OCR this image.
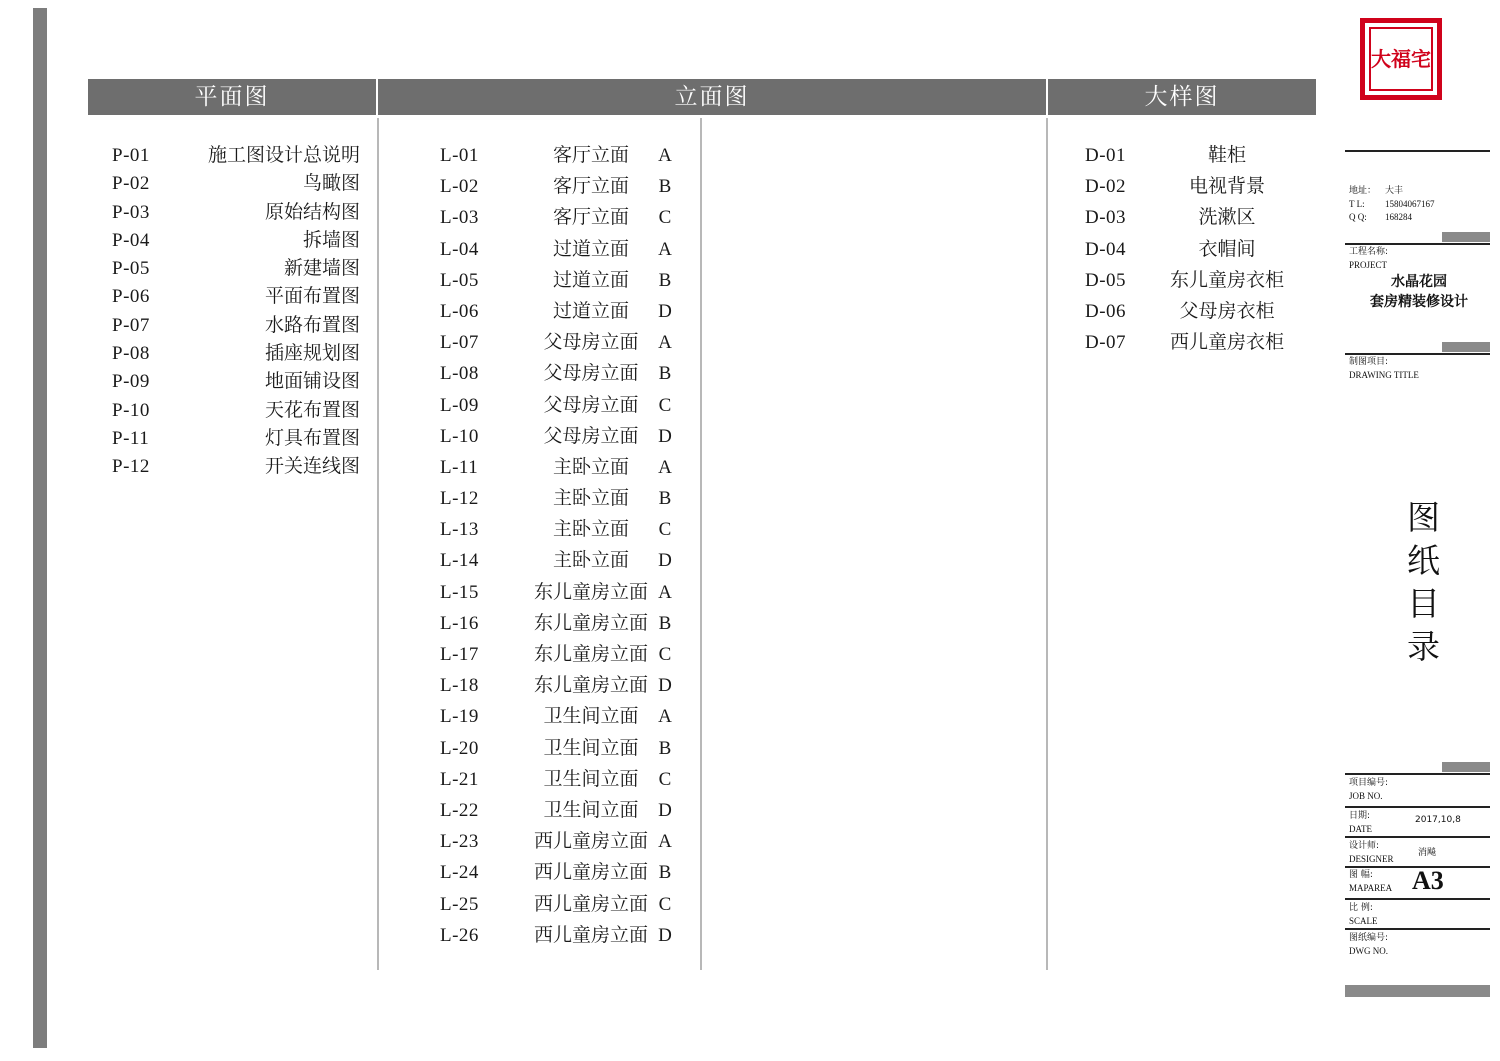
平面图	立面图	大样图
P-01	施工图设计总说明
P-02	鸟瞰图
P-03	原始结构图
P-04	拆墙图
P-05	新建墙图
P-06	平面布置图
P-07	水路布置图
P-08	插座规划图
P-09	地面铺设图
P-10	天花布置图
P-11	灯具布置图
P-12	开关连线图
L-01	客厅立面	A
L-02	客厅立面	B
L-03	客厅立面	C
L-04	过道立面	A
L-05	过道立面	B
L-06	过道立面	D
L-07	父母房立面	A
L-08	父母房立面	B
L-09	父母房立面	C
L-10	父母房立面	D
L-11	主卧立面	A
L-12	主卧立面	B
L-13	主卧立面	C
L-14	主卧立面	D
L-15	东儿童房立面 A
L-16	东儿童房立面 B
L-17	东儿童房立面 C
L-18	东儿童房立面 D
L-19	卫生间立面	A
L-20	卫生间立面	B
L-21	卫生间立面	C
L-22	卫生间立面	D
L-23	西儿童房立面 A
L-24	西儿童房立面 B
L-25	西儿童房立面 C
L-26	西儿童房立面 D
D-01	鞋柜
D-02	电视背景
D-03	洗漱区
D-04	衣帽间
D-05	东儿童房衣柜
D-06	父母房衣柜
D-07	西儿童房衣柜
大福宅
地址： 大丰
T L: 15804067167
Q Q: 168284
工程名称:
PROJECT
水晶花园
套房精装修设计
制图项目:
DRAWING TITLE
图纸目录
项目编号:
JOB NO.
日期:
DATE
2017,10,8
设计师:
DESIGNER
消飚
图 幅:
MAPAREA A3
比 例:
SCALE
图纸编号:
DWG NO.
